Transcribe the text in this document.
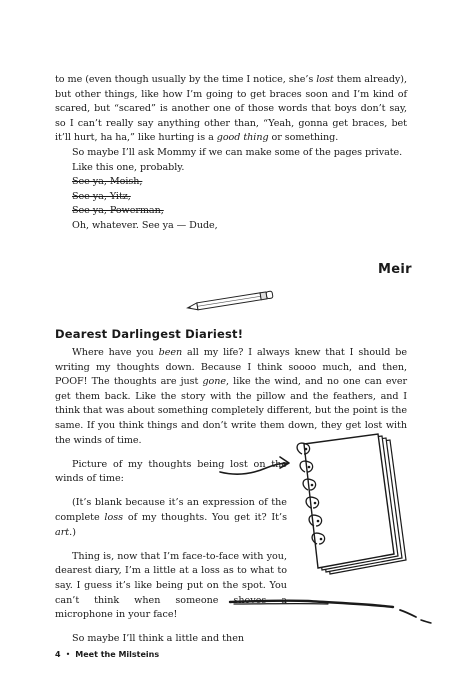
to me (even though usually by the time I notice, she’s lost them already), but other things, like how I’m going to get braces soon and I’m kind of scared, but “scared” is another one of those words that boys don’t say, so I can’t really say anything other than, “Yeah, gonna get braces, bet it’ll hurt, ha ha,” like hurting is a good thing or something.

So maybe I’ll ask Mommy if we can make some of the pages private.

Like this one, probably.

See ya, Moish,

See ya, Yitz,

See ya, Powerman,

Oh, whatever. See ya — Dude,

Meir
Dearest Darlingest Diariest!

Where have you been all my life? I always knew that I should be writing my thoughts down. Because I think soooo much, and then, POOF! The thoughts are just gone, like the wind, and no one can ever get them back. Like the story with the pillow and the feathers, and I think that was about something completely different, but the point is the same. If you think things and don’t write them down, they get lost with the winds of time.

Picture of my thoughts being lost on the winds of time:

(It’s blank because it’s an expression of the complete loss of my thoughts. You get it? It’s art.)

Thing is, now that I’m face-to-face with you, dearest diary, I’m a little at a loss as to what to say. I guess it’s like being put on the spot. You can’t think when someone shoves a microphone in your face!

So maybe I’ll think a little and then

4 • Meet the Milsteins
